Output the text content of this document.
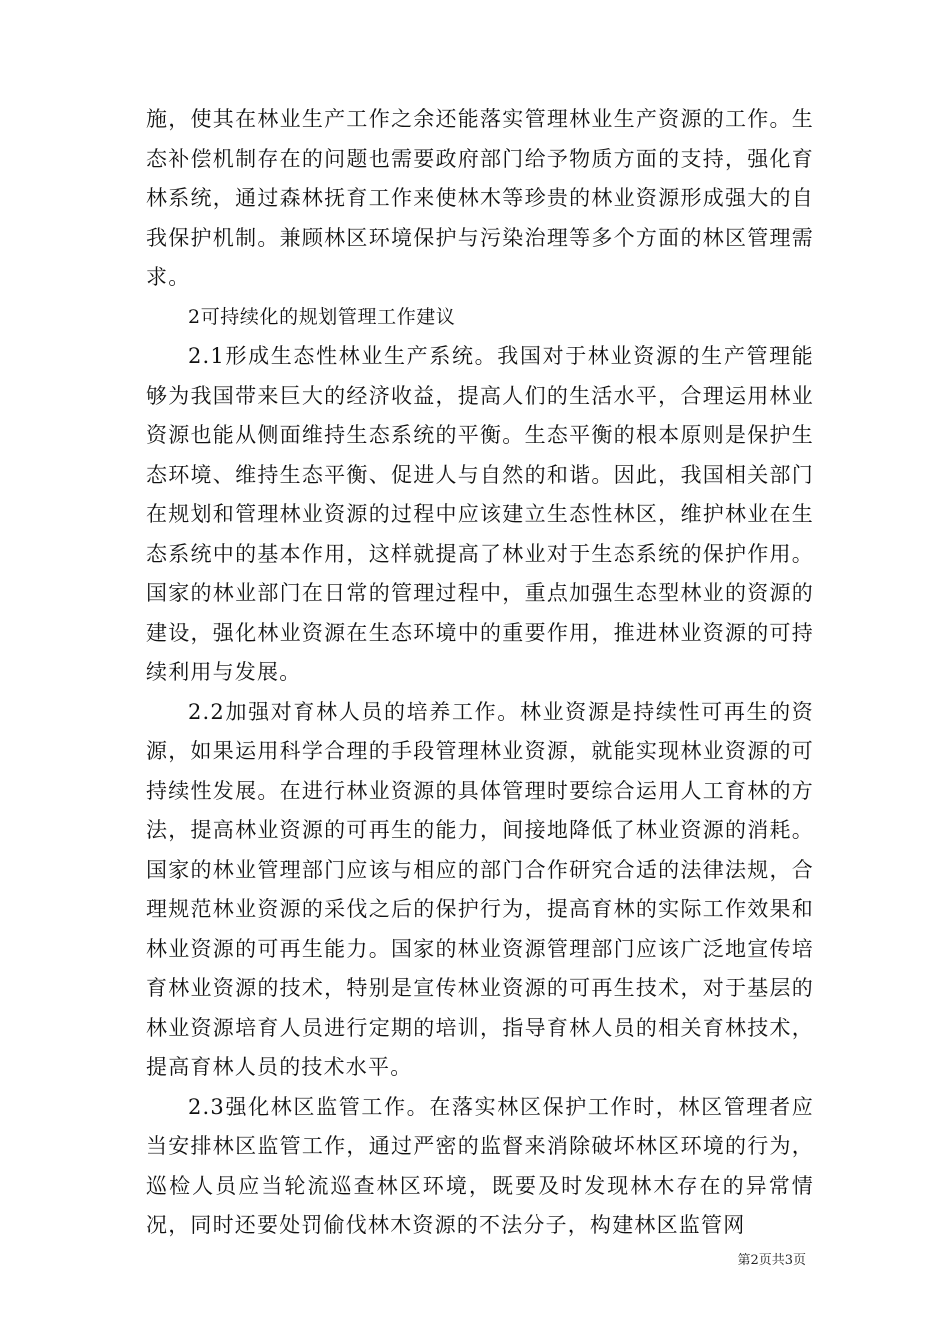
施，使其在林业生产工作之余还能落实管理林业生产资源的工作。生态补偿机制存在的问题也需要政府部门给予物质方面的支持，强化育林系统，通过森林抚育工作来使林木等珍贵的林业资源形成强大的自我保护机制。兼顾林区环境保护与污染治理等多个方面的林区管理需求。

2可持续化的规划管理工作建议

2.1形成生态性林业生产系统。我国对于林业资源的生产管理能够为我国带来巨大的经济收益，提高人们的生活水平，合理运用林业资源也能从侧面维持生态系统的平衡。生态平衡的根本原则是保护生态环境、维持生态平衡、促进人与自然的和谐。因此，我国相关部门在规划和管理林业资源的过程中应该建立生态性林区，维护林业在生态系统中的基本作用，这样就提高了林业对于生态系统的保护作用。国家的林业部门在日常的管理过程中，重点加强生态型林业的资源的建设，强化林业资源在生态环境中的重要作用，推进林业资源的可持续利用与发展。

2.2加强对育林人员的培养工作。林业资源是持续性可再生的资源，如果运用科学合理的手段管理林业资源，就能实现林业资源的可持续性发展。在进行林业资源的具体管理时要综合运用人工育林的方法，提高林业资源的可再生的能力，间接地降低了林业资源的消耗。国家的林业管理部门应该与相应的部门合作研究合适的法律法规，合理规范林业资源的采伐之后的保护行为，提高育林的实际工作效果和林业资源的可再生能力。国家的林业资源管理部门应该广泛地宣传培育林业资源的技术，特别是宣传林业资源的可再生技术，对于基层的林业资源培育人员进行定期的培训，指导育林人员的相关育林技术，提高育林人员的技术水平。

2.3强化林区监管工作。在落实林区保护工作时，林区管理者应当安排林区监管工作，通过严密的监督来消除破坏林区环境的行为，巡检人员应当轮流巡查林区环境，既要及时发现林木存在的异常情况，同时还要处罚偷伐林木资源的不法分子，构建林区监管网

第2页共3页
